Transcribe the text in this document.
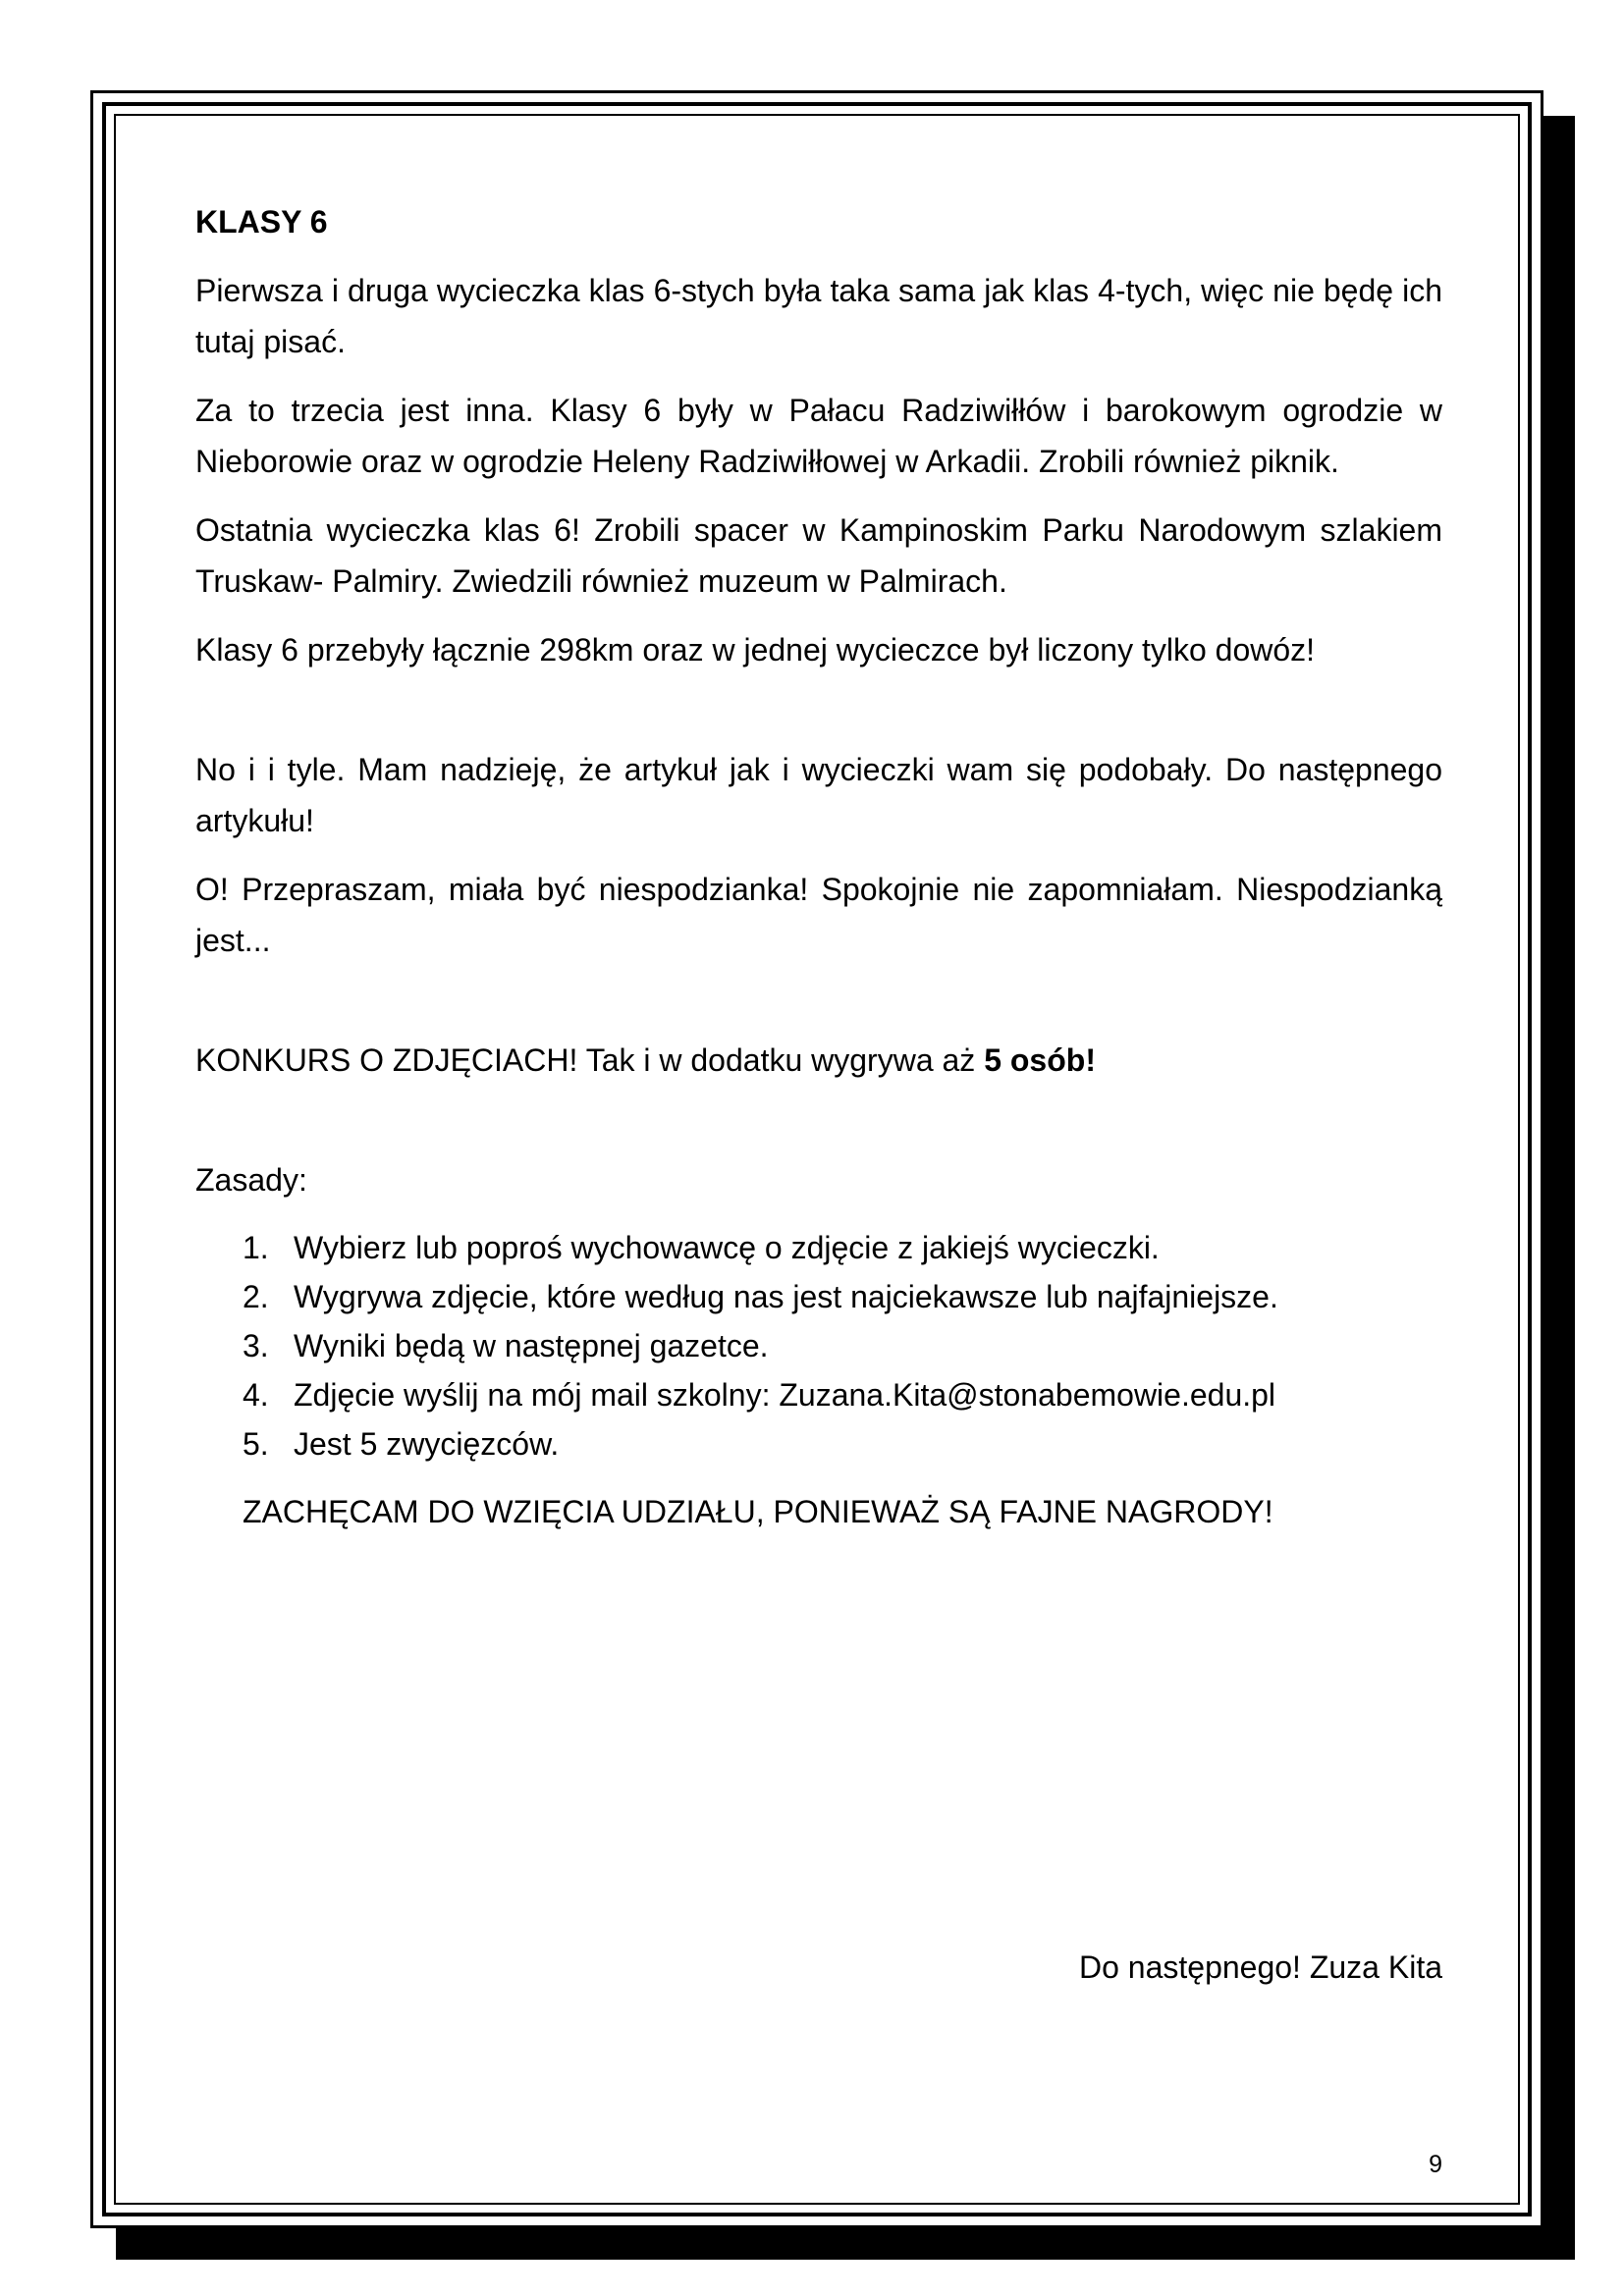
KLASY 6

Pierwsza i druga wycieczka klas 6-stych była taka sama jak klas 4-tych, więc nie będę ich tutaj pisać.

Za to trzecia jest inna. Klasy 6 były w Pałacu Radziwiłłów i barokowym ogrodzie w Nieborowie oraz w ogrodzie Heleny Radziwiłłowej w Arkadii. Zrobili również piknik.

Ostatnia wycieczka klas 6! Zrobili spacer w Kampinoskim Parku Narodowym szlakiem Truskaw- Palmiry. Zwiedzili również muzeum w Palmirach.

Klasy 6 przebyły łącznie 298km oraz w jednej wycieczce był liczony tylko dowóz!

No i i tyle. Mam nadzieję, że artykuł jak i wycieczki wam się podobały. Do następnego artykułu!

O! Przepraszam, miała być niespodzianka! Spokojnie nie zapomniałam. Niespodzianką jest...

KONKURS O ZDJĘCIACH! Tak i w dodatku wygrywa aż 5 osób!

Zasady:

1. Wybierz lub poproś wychowawcę o zdjęcie z jakiejś wycieczki.
2. Wygrywa zdjęcie, które według nas jest najciekawsze lub najfajniejsze.
3. Wyniki będą w następnej gazetce.
4. Zdjęcie wyślij na mój mail szkolny: Zuzana.Kita@stonabemowie.edu.pl
5. Jest 5 zwycięzców.

ZACHĘCAM DO WZIĘCIA UDZIAŁU, PONIEWAŻ SĄ FAJNE NAGRODY!

Do następnego! Zuza Kita
9
